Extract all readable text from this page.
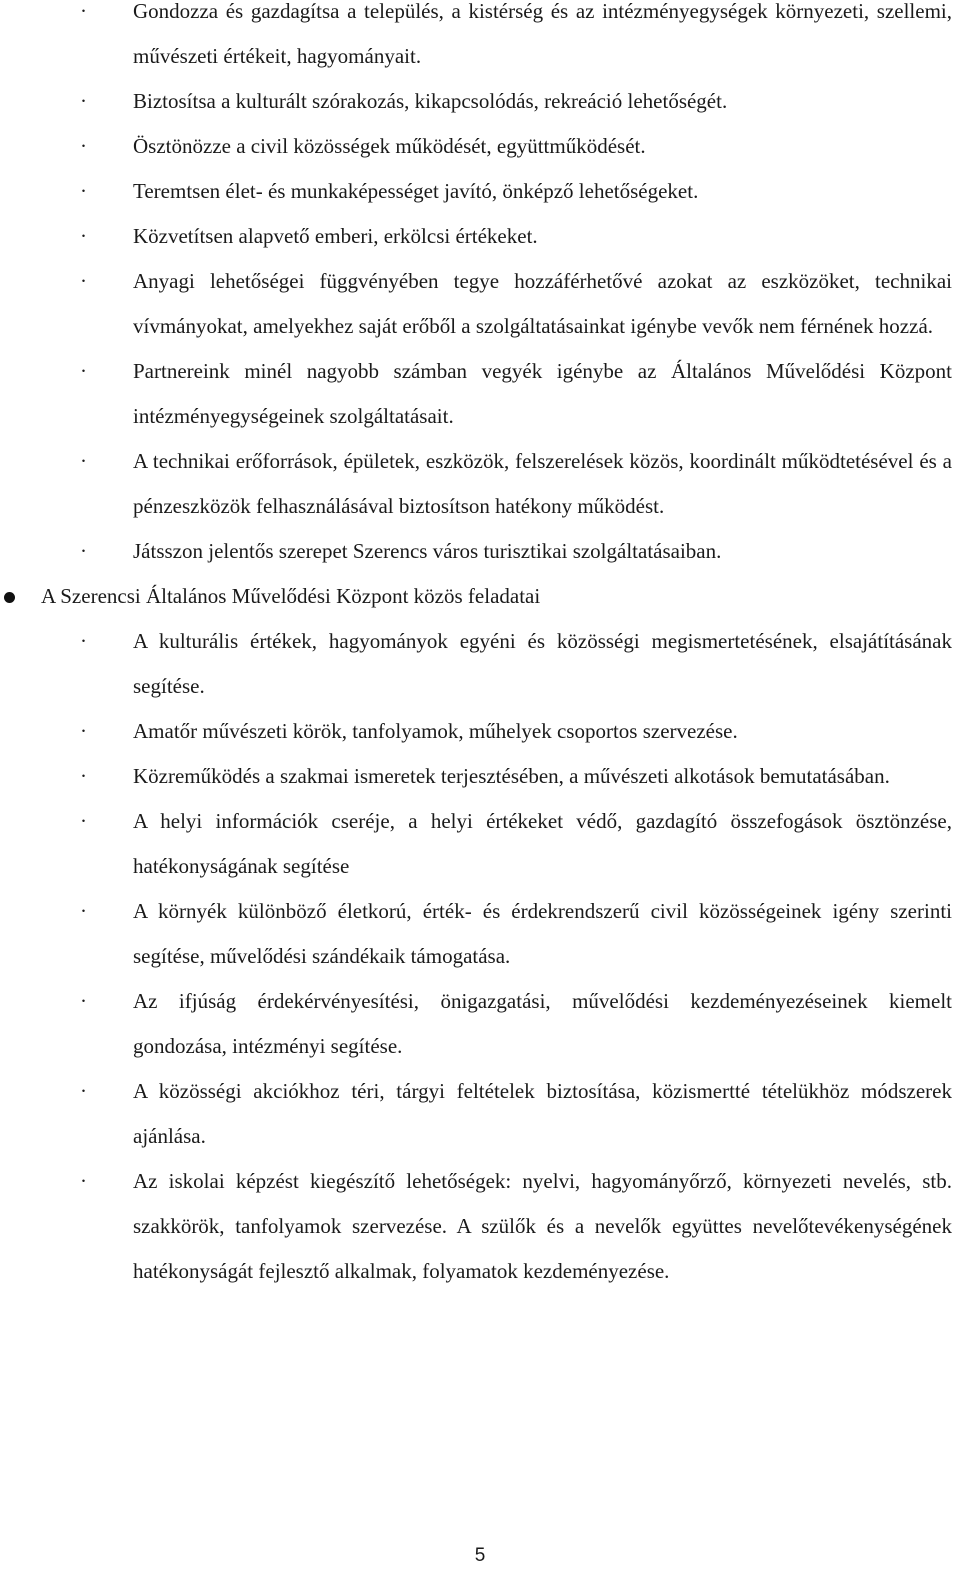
· Gondozza és gazdagítsa a település, a kistérség és az intézményegységek környezeti, szellemi, művészeti értékeit, hagyományait.
· Biztosítsa a kulturált szórakozás, kikapcsolódás, rekreáció lehetőségét.
· Ösztönözze a civil közösségek működését, együttműködését.
· Teremtsen élet- és munkaképességet javító, önképző lehetőségeket.
· Közvetítsen alapvető emberi, erkölcsi értékeket.
· Anyagi lehetőségei függvényében tegye hozzáférhetővé azokat az eszközöket, technikai vívmányokat, amelyekhez saját erőből a szolgáltatásainkat igénybe vevők nem férnének hozzá.
· Partnereink minél nagyobb számban vegyék igénybe az Általános Művelődési Központ intézményegységeinek szolgáltatásait.
· A technikai erőforrások, épületek, eszközök, felszerelések közös, koordinált működtetésével és a pénzeszközök felhasználásával biztosítson hatékony működést.
· Játsszon jelentős szerepet Szerencs város turisztikai szolgáltatásaiban.
A Szerencsi Általános Művelődési Központ közös feladatai
· A kulturális értékek, hagyományok egyéni és közösségi megismertetésének, elsajátításának segítése.
· Amatőr művészeti körök, tanfolyamok, műhelyek csoportos szervezése.
· Közreműködés a szakmai ismeretek terjesztésében, a művészeti alkotások bemutatásában.
· A helyi információk cseréje, a helyi értékeket védő, gazdagító összefogások ösztönzése, hatékonyságának segítése
· A környék különböző életkorú, érték- és érdekrendszerű civil közösségeinek igény szerinti segítése, művelődési szándékaik támogatása.
· Az ifjúság érdekérvényesítési, önigazgatási, művelődési kezdeményezéseinek kiemelt gondozása, intézményi segítése.
· A közösségi akciókhoz téri, tárgyi feltételek biztosítása, közismertté tételükhöz módszerek ajánlása.
· Az iskolai képzést kiegészítő lehetőségek: nyelvi, hagyományőrző, környezeti nevelés, stb. szakkörök, tanfolyamok szervezése. A szülők és a nevelők együttes nevelőtevékenységének hatékonyságát fejlesztő alkalmak, folyamatok kezdeményezése.
5
